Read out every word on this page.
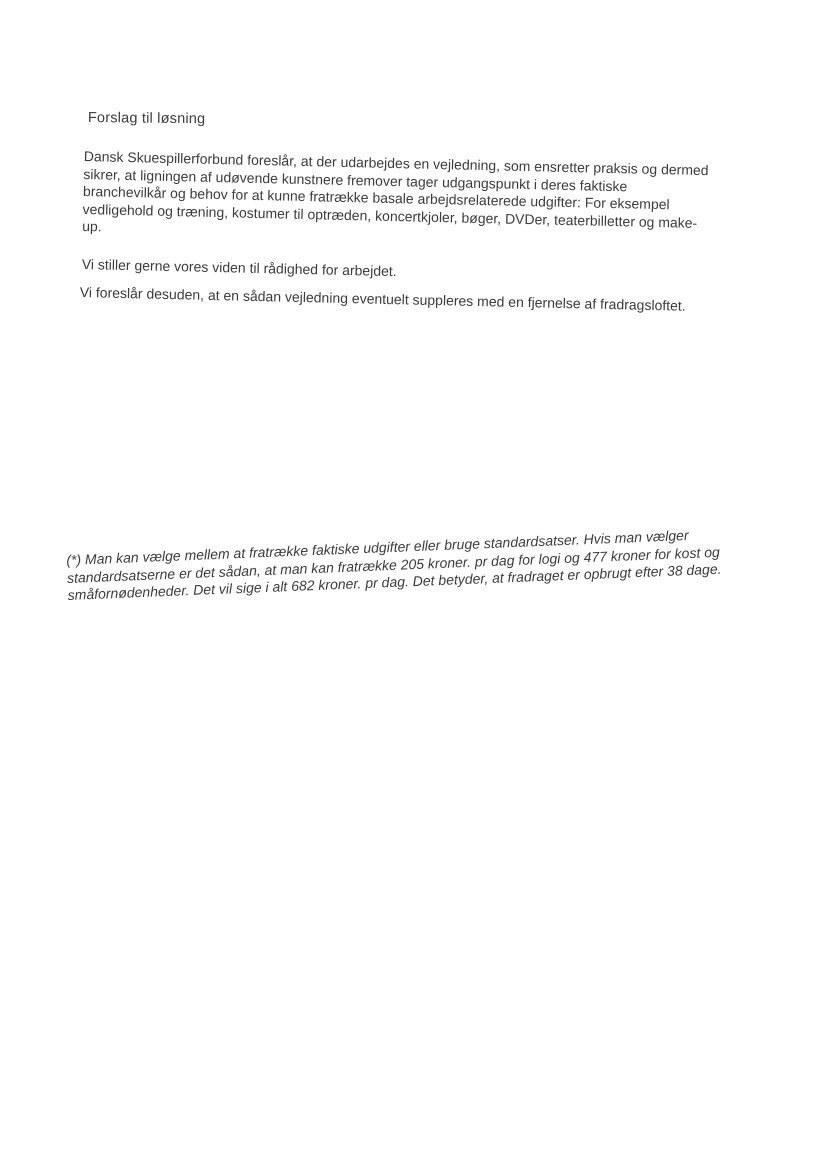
Forslag til løsning

Dansk Skuespillerforbund foreslår, at der udarbejdes en vejledning, som ensretter praksis og dermed sikrer, at ligningen af udøvende kunstnere fremover tager udgangspunkt i deres faktiske branchevilkår og behov for at kunne fratrække basale arbejdsrelaterede udgifter: For eksempel vedligehold og træning, kostumer til optræden, koncertkjoler, bøger, DVDer, teaterbilletter og make-up.

Vi stiller gerne vores viden til rådighed for arbejdet.

Vi foreslår desuden, at en sådan vejledning eventuelt suppleres med en fjernelse af fradragsloftet.

(*) Man kan vælge mellem at fratrække faktiske udgifter eller bruge standardsatser. Hvis man vælger standardsatserne er det sådan, at man kan fratrække 205 kroner. pr dag for logi og 477 kroner for kost og småfornødenheder. Det vil sige i alt 682 kroner. pr dag. Det betyder, at fradraget er opbrugt efter 38 dage.
